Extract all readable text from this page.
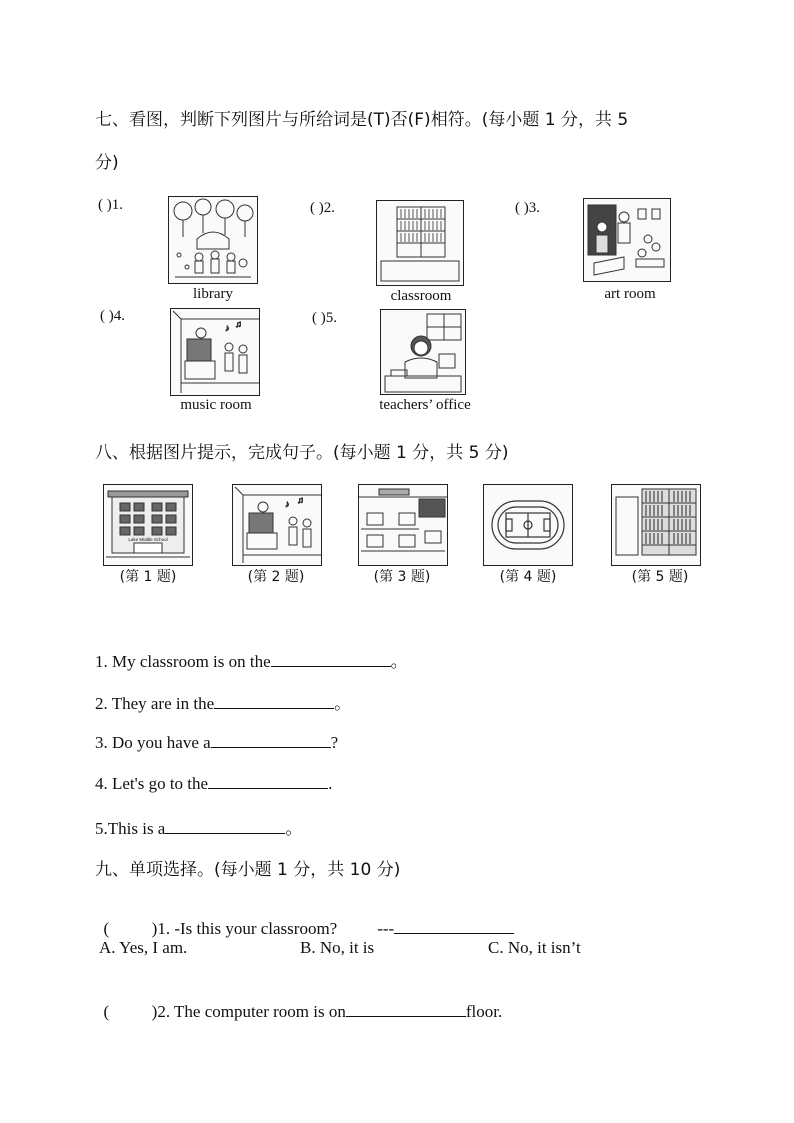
七、看图，判断下列图片与所给词是(T)否(F)相符。(每小题 1 分，共 5
分)
( )1.
library
( )2.
classroom
( )3.
art room
( )4.
♪ ♫
music room
( )5.
teachers’ office
八、根据图片提示，完成句子。(每小题 1 分，共 5 分)
Lake Middle School
(第 1 题)
♪ ♫
(第 2 题)	(第 3 题)	(第 4 题)	(第 5 题)
1. My classroom is on the	。
2. They are in the	。
3. Do you have a	?
4. Let's go to the	.
5.This is a	。
九、单项选择。(每小题 1 分，共 10 分)

(          )1. -Is this your classroom? ---

A. Yes, I am.	B. No, it is	C. No, it isn’t

(          )2. The computer room is on	floor.
